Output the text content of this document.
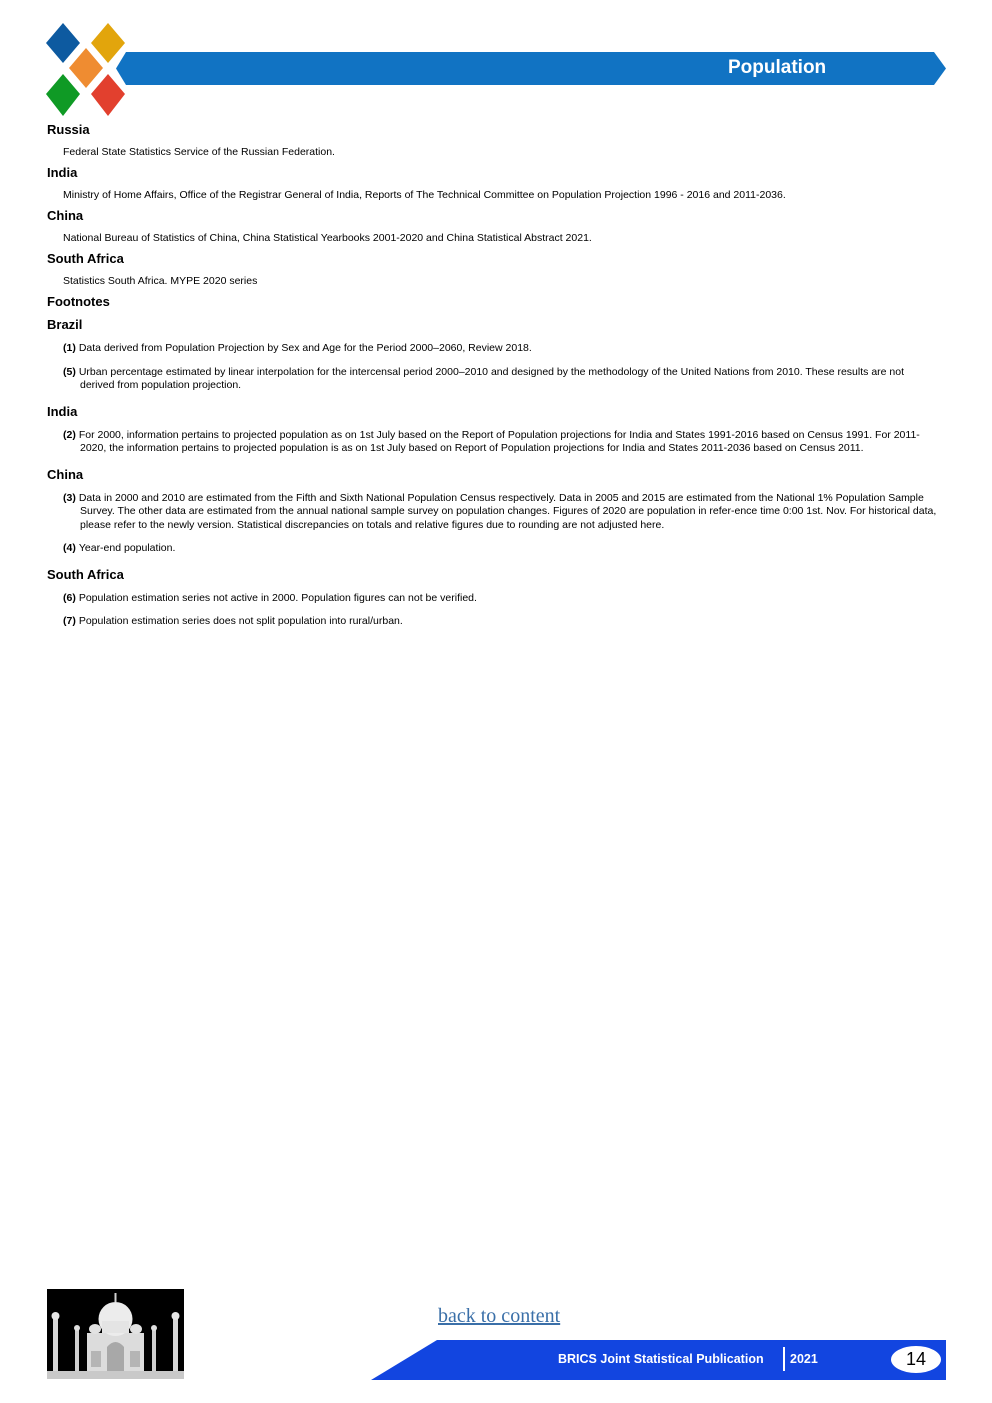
Population
Russia
Federal State Statistics Service of the Russian Federation.
India
Ministry of Home Affairs, Office of the Registrar General of India, Reports of The Technical Committee on Population Projection 1996 - 2016 and 2011-2036.
China
National Bureau of Statistics of China, China Statistical Yearbooks 2001-2020 and China Statistical Abstract 2021.
South Africa
Statistics South Africa. MYPE 2020 series
Footnotes
Brazil
(1) Data derived from Population Projection by Sex and Age for the Period 2000–2060, Review 2018.
(5) Urban percentage estimated by linear interpolation for the intercensal period 2000–2010 and designed by the methodology of the United Nations from 2010. These results are not derived from population projection.
India
(2) For 2000, information pertains to projected population as on 1st July based on the Report of Population projections for India and States 1991-2016 based on Census 1991. For 2011-2020, the information pertains to projected population is as on 1st July based on Report of Population projections for India and States 2011-2036 based on Census 2011.
China
(3) Data in 2000 and 2010 are estimated from the Fifth and Sixth National Population Census respectively. Data in 2005 and 2015 are estimated from the National 1% Population Sample Survey. The other data are estimated from the annual national sample survey on population changes. Figures of 2020 are population in refer-ence time 0:00 1st. Nov. For historical data, please refer to the newly version. Statistical discrepancies on totals and relative figures due to rounding are not adjusted here.
(4) Year-end population.
South Africa
(6) Population estimation series not active in 2000. Population figures can not be verified.
(7) Population estimation series does not split population into rural/urban.
back to content
BRICS Joint Statistical Publication 2021	14
